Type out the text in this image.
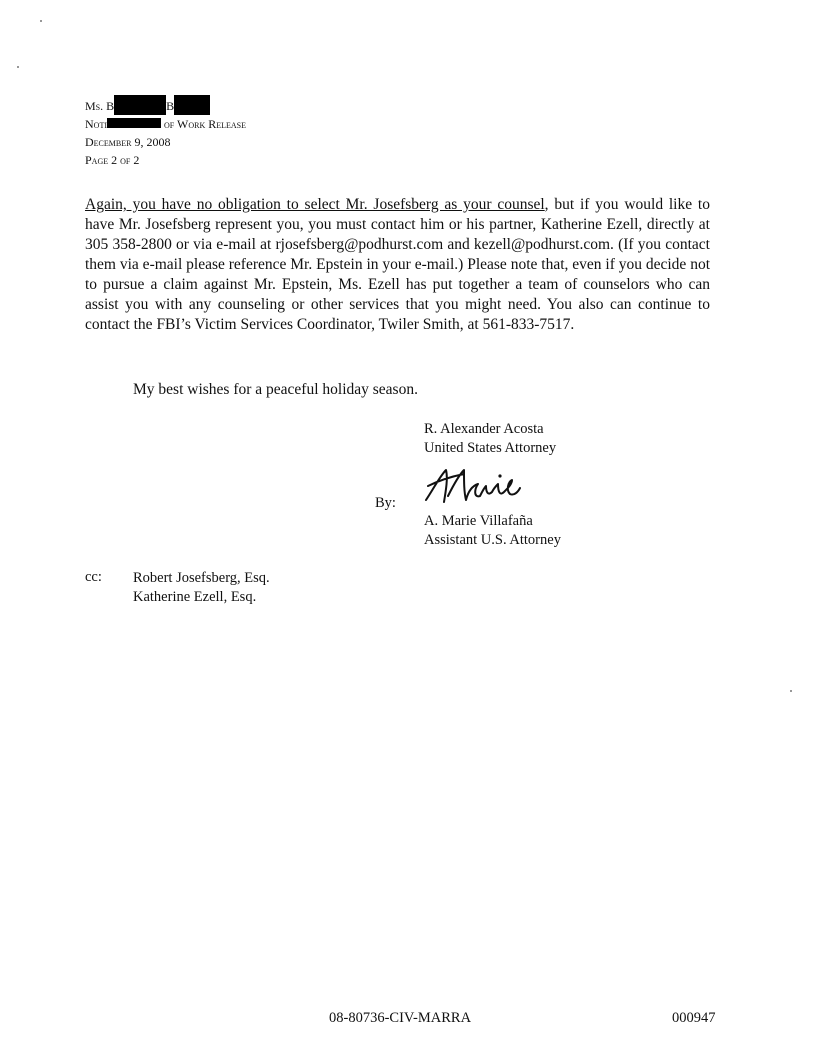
Ms. B	B
Noti	of Work Release
December 9, 2008
Page 2 of 2
Again, you have no obligation to select Mr. Josefsberg as your counsel, but if you would like to have Mr. Josefsberg represent you, you must contact him or his partner, Katherine Ezell, directly at 305 358-2800 or via e-mail at rjosefsberg@podhurst.com and kezell@podhurst.com. (If you contact them via e-mail please reference Mr. Epstein in your e-mail.) Please note that, even if you decide not to pursue a claim against Mr. Epstein, Ms. Ezell has put together a team of counselors who can assist you with any counseling or other services that you might need. You also can continue to contact the FBI’s Victim Services Coordinator, Twiler Smith, at 561-833-7517.
My best wishes for a peaceful holiday season.
R. Alexander Acosta
United States Attorney
By:
A. Marie Villafaña
Assistant U.S. Attorney
cc: Robert Josefsberg, Esq.
Katherine Ezell, Esq.
08-80736-CIV-MARRA	000947
